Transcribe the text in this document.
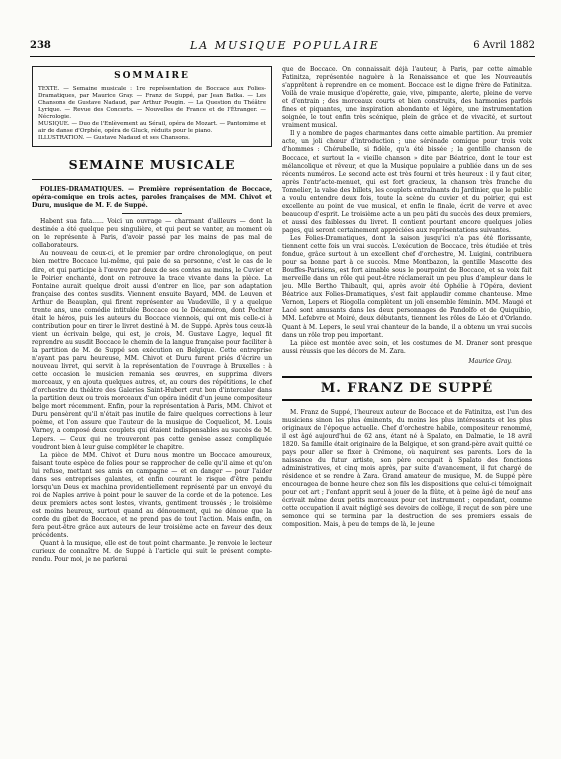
238	LA MUSIQUE POPULAIRE	6 Avril 1882
SOMMAIRE

TEXTE. — Semaine musicale : 1re représentation de Boccace aux Folies-Dramatiques, par Maurice Gray. — Franz de Suppé, par Jean Batka. — Les Chansons de Gustave Nadaud, par Arthur Pougin. — La Question du Théâtre Lyrique. — Revue des Concerts. — Nouvelles de France et de l'Étranger. — Nécrologie.

MUSIQUE. — Duo de l'Enlèvement au Sérail, opéra de Mozart. — Pantomime et air de danse d'Orphée, opéra de Gluck, réduits pour le piano.

ILLUSTRATION. — Gustave Nadaud et ses Chansons.

SEMAINE MUSICALE

FOLIES-DRAMATIQUES. — Première représentation de Boccace, opéra-comique en trois actes, paroles françaises de MM. Chivot et Duru, musique de M. F. de Suppé.

Habent sua fata...... Voici un ouvrage — charmant d'ailleurs — dont la destinée a été quelque peu singulière, et qui peut se vanter, au moment où on le représente à Paris, d'avoir passé par les mains de pas mal de collaborateurs.

Au nouveau de ceux-ci, et le premier par ordre chronologique, on peut bien mettre Boccace lui-même, qui paie de sa personne, c'est le cas de le dire, et qui participe à l'œuvre par deux de ses contes au moins, le Cuvier et le Poirier enchanté, dont on retrouve la trace vivante dans la pièce. La Fontaine aurait quelque droit aussi d'entrer en lice, par son adaptation française des contes susdits. Viennent ensuite Bayard, MM. de Leuven et Arthur de Beauplan, qui firent représenter au Vaudeville, il y a quelque trente ans, une comédie intitulée Boccace ou le Décaméron, dont Pochter était le héros, puis les auteurs du Boccace viennois, qui ont mis celle-ci à contribution pour en tirer le livret destiné à M. de Suppé. Après tous ceux-là vient un écrivain belge, qui est, je crois, M. Gustave Lagye, lequel fit reprendre au susdit Boccace le chemin de la langue française pour faciliter à la partition de M. de Suppé son exécution en Belgique. Cette entreprise n'ayant pas paru heureuse, MM. Chivot et Duru furent priés d'écrire un nouveau livret, qui servit à la représentation de l'ouvrage à Bruxelles : à cette occasion le musicien remania ses œuvres, en supprima divers morceaux, y en ajouta quelques autres, et, au cours des répétitions, le chef d'orchestre du théâtre des Galeries Saint-Hubert crut bon d'intercaler dans la partition deux ou trois morceaux d'un opéra inédit d'un jeune compositeur belge mort récemment. Enfin, pour la représentation à Paris, MM. Chivot et Duru pensèrent qu'il n'était pas inutile de faire quelques corrections à leur poème, et l'on assure que l'auteur de la musique de Coquelicot, M. Louis Varney, a composé deux couplets qui étaient indispensables au succès de M. Lepers. — Ceux qui ne trouveront pas cette genèse assez compliquée voudront bien à leur guise compléter le chapitre.

La pièce de MM. Chivot et Duru nous montre un Boccace amoureux, faisant toute espèce de folies pour se rapprocher de celle qu'il aime et qu'on lui refuse, mettant ses amis en campagne — et en danger — pour l'aider dans ses entreprises galantes, et enfin courant le risque d'être pendu lorsqu'un Deus ex machina providentiellement représenté par un envoyé du roi de Naples arrive à point pour le sauver de la corde et de la potence. Les deux premiers actes sont lestes, vivants, gentiment troussés ; le troisième est moins heureux, surtout quand au dénouement, qui ne dénoue que la corde du gibet de Boccace, et ne prend pas de tout l'action. Mais enfin, on fera peut-être grâce aux auteurs de leur troisième acte en faveur des deux précédents.

Quant à la musique, elle est de tout point charmante. Je renvoie le lecteur curieux de connaître M. de Suppé à l'article qui suit le présent compte-rendu. Pour moi, je ne parlerai

que de Boccace. On connaissait déjà l'auteur, à Paris, par cette aimable Fatinitza, représentée naguère à la Renaissance et que les Nouveautés s'apprêtent à reprendre en ce moment. Boccace est le digne frère de Fatinitza. Voilà de vraie musique d'opérette, gaie, vive, pimpante, alerte, pleine de verve et d'entrain ; des morceaux courts et bien construits, des harmonies parfois fines et piquantes, une inspiration abondante et légère, une instrumentation soignée, le tout enfin très scénique, plein de grâce et de vivacité, et surtout vraiment musical.

Il y a nombre de pages charmantes dans cette aimable partition. Au premier acte, un joli chœur d'introduction ; une sérénade comique pour trois voix d'hommes : Chérubelle, si fidèle, qu'a été bissée ; la gentille chanson de Boccace, et surtout la « vieille chanson » dite par Béatrice, dont le tour est mélancolique et rêveur, et que la Musique populaire a publiée dans un de ses récents numéros. Le second acte est très fourni et très heureux : il y faut citer, après l'entr'acte-menuet, qui est fort gracieux, la chanson très franche du Tonnelier, la valse des billets, les couplets entraînants du Jardinier, que le public a voulu entendre deux fois, toute la scène du cuvier et du poirier, qui est excellente au point de vue musical, et enfin le finale, écrit de verve et avec beaucoup d'esprit. Le troisième acte a un peu pâti du succès des deux premiers, et aussi des faiblesses du livret. Il contient pourtant encore quelques jolies pages, qui seront certainement appréciées aux représentations suivantes.

Les Folies-Dramatiques, dont la saison jusqu'ici n'a pas été florissante, tiennent cette fois un vrai succès. L'exécution de Boccace, très étudiée et très fondue, grâce surtout à un excellent chef d'orchestre, M. Luigini, contribuera pour sa bonne part à ce succès. Mme Montbazon, la gentille Mascotte des Bouffes-Parisiens, est fort aimable sous le pourpoint de Boccace, et sa voix fait merveille dans un rôle qui peut-être réclamerait un peu plus d'ampleur dans le jeu. Mlle Bertho Thibault, qui, après avoir été Ophélie à l'Opéra, devient Béatrice aux Folies-Dramatiques, s'est fait applaudir comme chanteuse. Mme Vernon, Lepers et Riogolla complètent un joli ensemble féminin. MM. Maugé et Lacé sont amusants dans les deux personnages de Pandolfo et de Quiquibio, MM. Lefebvre et Moiré, deux débutants, tiennent les rôles de Léo et d'Orlando. Quant à M. Lepers, le seul vrai chanteur de la bande, il a obtenu un vrai succès dans un rôle trop peu important.

La pièce est montée avec soin, et les costumes de M. Draner sont presque aussi réussis que les décors de M. Zara.

Maurice Gray.
M. FRANZ DE SUPPÉ

M. Franz de Suppé, l'heureux auteur de Boccace et de Fatinitza, est l'un des musiciens sinon les plus éminents, du moins les plus intéressants et les plus originaux de l'époque actuelle. Chef d'orchestre habile, compositeur renommé, il est âgé aujourd'hui de 62 ans, étant né à Spalato, en Dalmatie, le 18 avril 1820. Sa famille était originaire de la Belgique, et son grand-père avait quitté ce pays pour aller se fixer à Crémone, où naquirent ses parents. Lors de la naissance du futur artiste, son père occupait à Spalato des fonctions administratives, et cinq mois après, par suite d'avancement, il fut chargé de résidence et se rendre à Zara. Grand amateur de musique, M. de Suppé père encouragea de bonne heure chez son fils les dispositions que celui-ci témoignait pour cet art ; l'enfant apprit seul à jouer de la flûte, et à peine âgé de neuf ans écrivait même deux petits morceaux pour cet instrument ; cependant, comme cette occupation il avait négligé ses devoirs de collège, il reçut de son père une semonce qui se termina par la destruction de ses premiers essais de composition. Mais, à peu de temps de là, le jeune
